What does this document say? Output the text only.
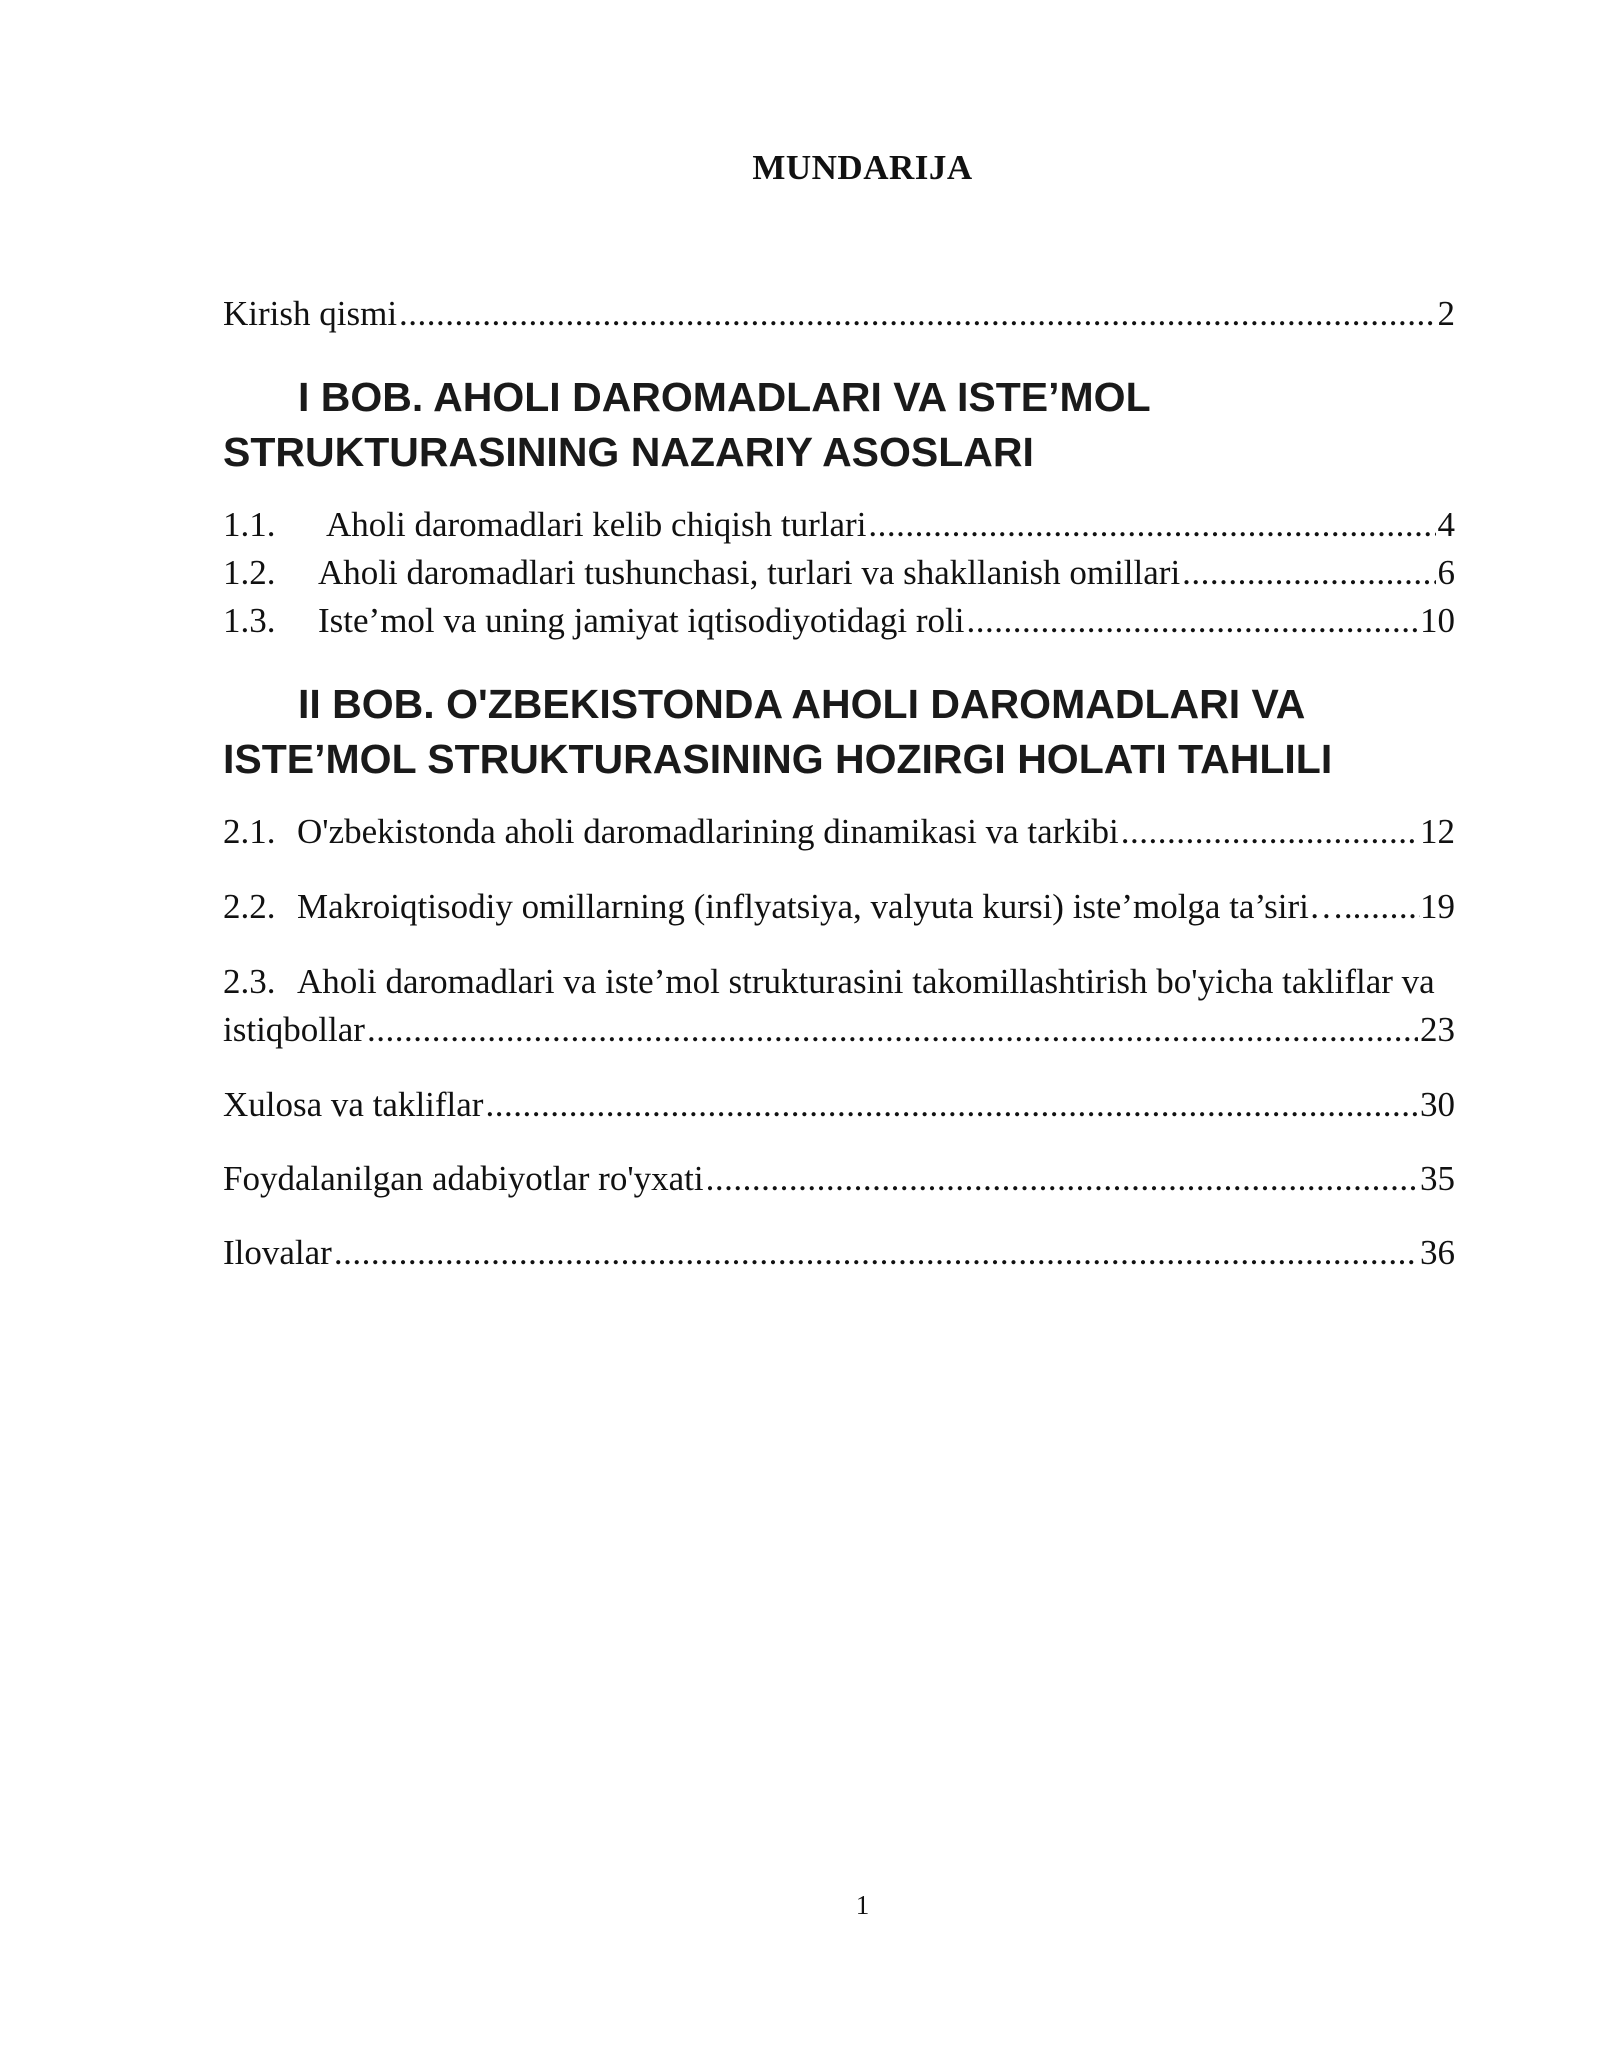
MUNDARIJA
Kirish qismi .....	2
I BOB. AHOLI DAROMADLARI VA ISTE’MOL
STRUKTURASINING NAZARIY ASOSLARI
1.1.	Aholi daromadlari kelib chiqish turlari .....	4
1.2.	Aholi daromadlari tushunchasi, turlari va shakllanish omillari .....	6
1.3.	Iste’mol va uning jamiyat iqtisodiyotidagi roli .....	10
II BOB. O'ZBEKISTONDA AHOLI DAROMADLARI VA
ISTE’MOL STRUKTURASINING HOZIRGI HOLATI TAHLILI
2.1. O'zbekistonda aholi daromadlarining dinamikasi va tarkibi .....	12
2.2. Makroiqtisodiy omillarning (inflyatsiya, valyuta kursi) iste’molga ta’siri…. ..... 19
2.3. Aholi daromadlari va iste’mol strukturasini takomillashtirish bo'yicha takliflar va
istiqbollar .....	23
Xulosa va takliflar .....	30
Foydalanilgan adabiyotlar ro'yxati .....	35
Ilovalar .....	36
1
